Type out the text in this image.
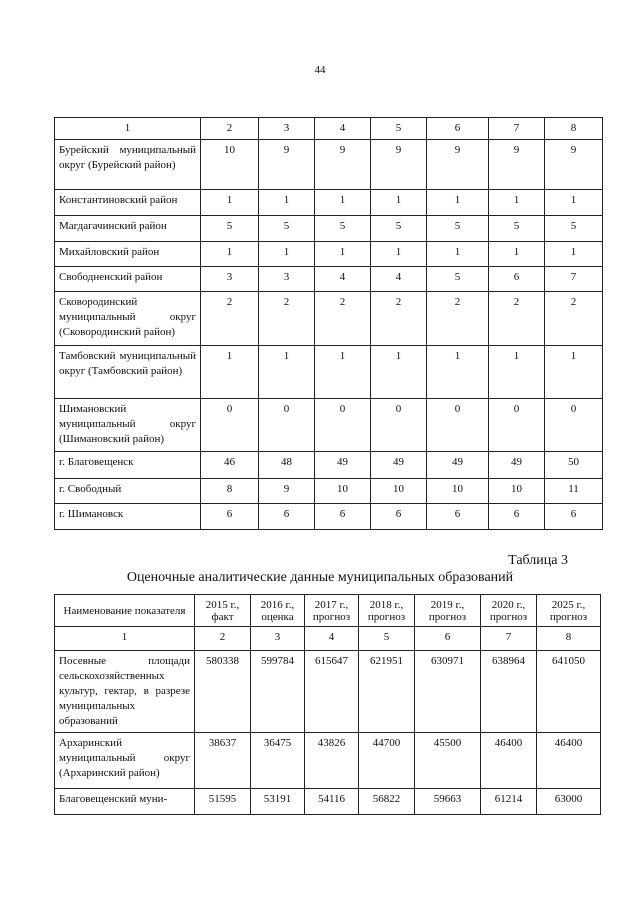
44
1	2	3	4	5	6	7	8
Бурейский муниципальный округ (Бурейский район)	10	9	9	9	9	9	9
Константиновский район	1	1	1	1	1	1	1
Магдагачинский район	5	5	5	5	5	5	5
Михайловский район	1	1	1	1	1	1	1
Свободненский район	3	3	4	4	5	6	7
Сковородинский муниципальный округ (Сковородинский район)	2	2	2	2	2	2	2
Тамбовский муниципальный округ (Тамбовский район)	1	1	1	1	1	1	1
Шимановский муниципальный округ (Шимановский район)	0	0	0	0	0	0	0
г. Благовещенск	46	48	49	49	49	49	50
г. Свободный	8	9	10	10	10	10	11
г. Шимановск	6	6	6	6	6	6	6
Таблица 3
Оценочные аналитические данные муниципальных образований
Наименование показателя	2015 г., факт	2016 г., оценка	2017 г., прогноз	2018 г., прогноз	2019 г., прогноз	2020 г., прогноз	2025 г., прогноз
1	2	3	4	5	6	7	8
Посевные площади сельскохозяйственных культур, гектар, в разрезе муниципальных образований	580338	599784	615647	621951	630971	638964	641050
Архаринский муниципальный округ (Архаринский район)	38637	36475	43826	44700	45500	46400	46400
Благовещенский муни-	51595	53191	54116	56822	59663	61214	63000
